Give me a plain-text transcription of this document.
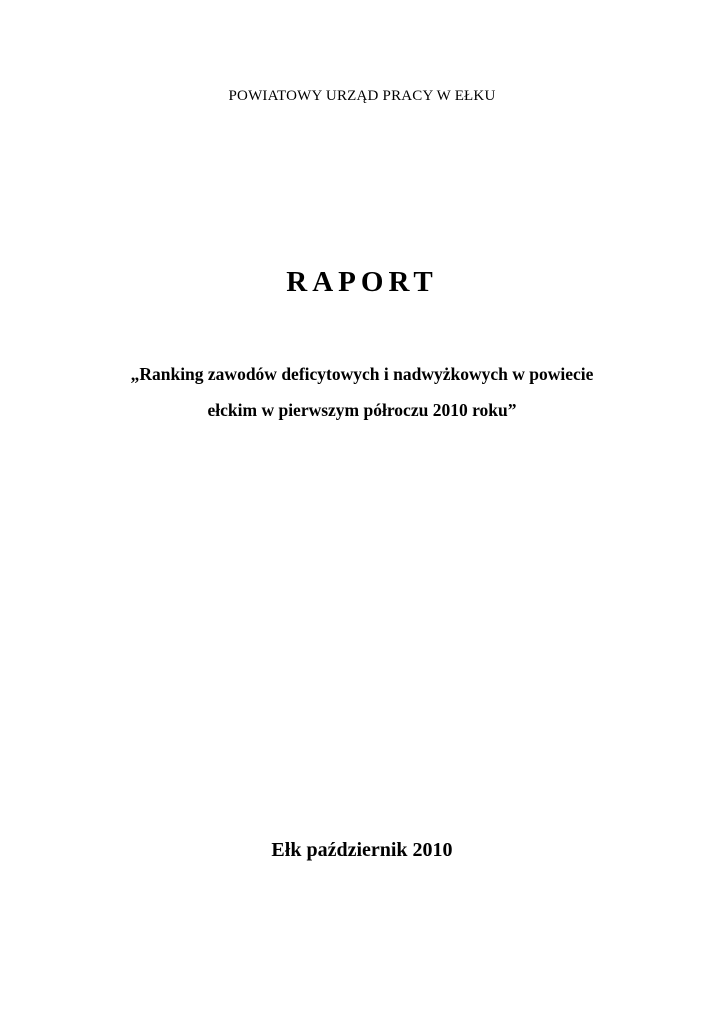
POWIATOWY URZĄD PRACY W EŁKU
RAPORT
„Ranking zawodów deficytowych i nadwyżkowych w powiecie
ełckim w pierwszym półroczu 2010 roku”
Ełk październik 2010
